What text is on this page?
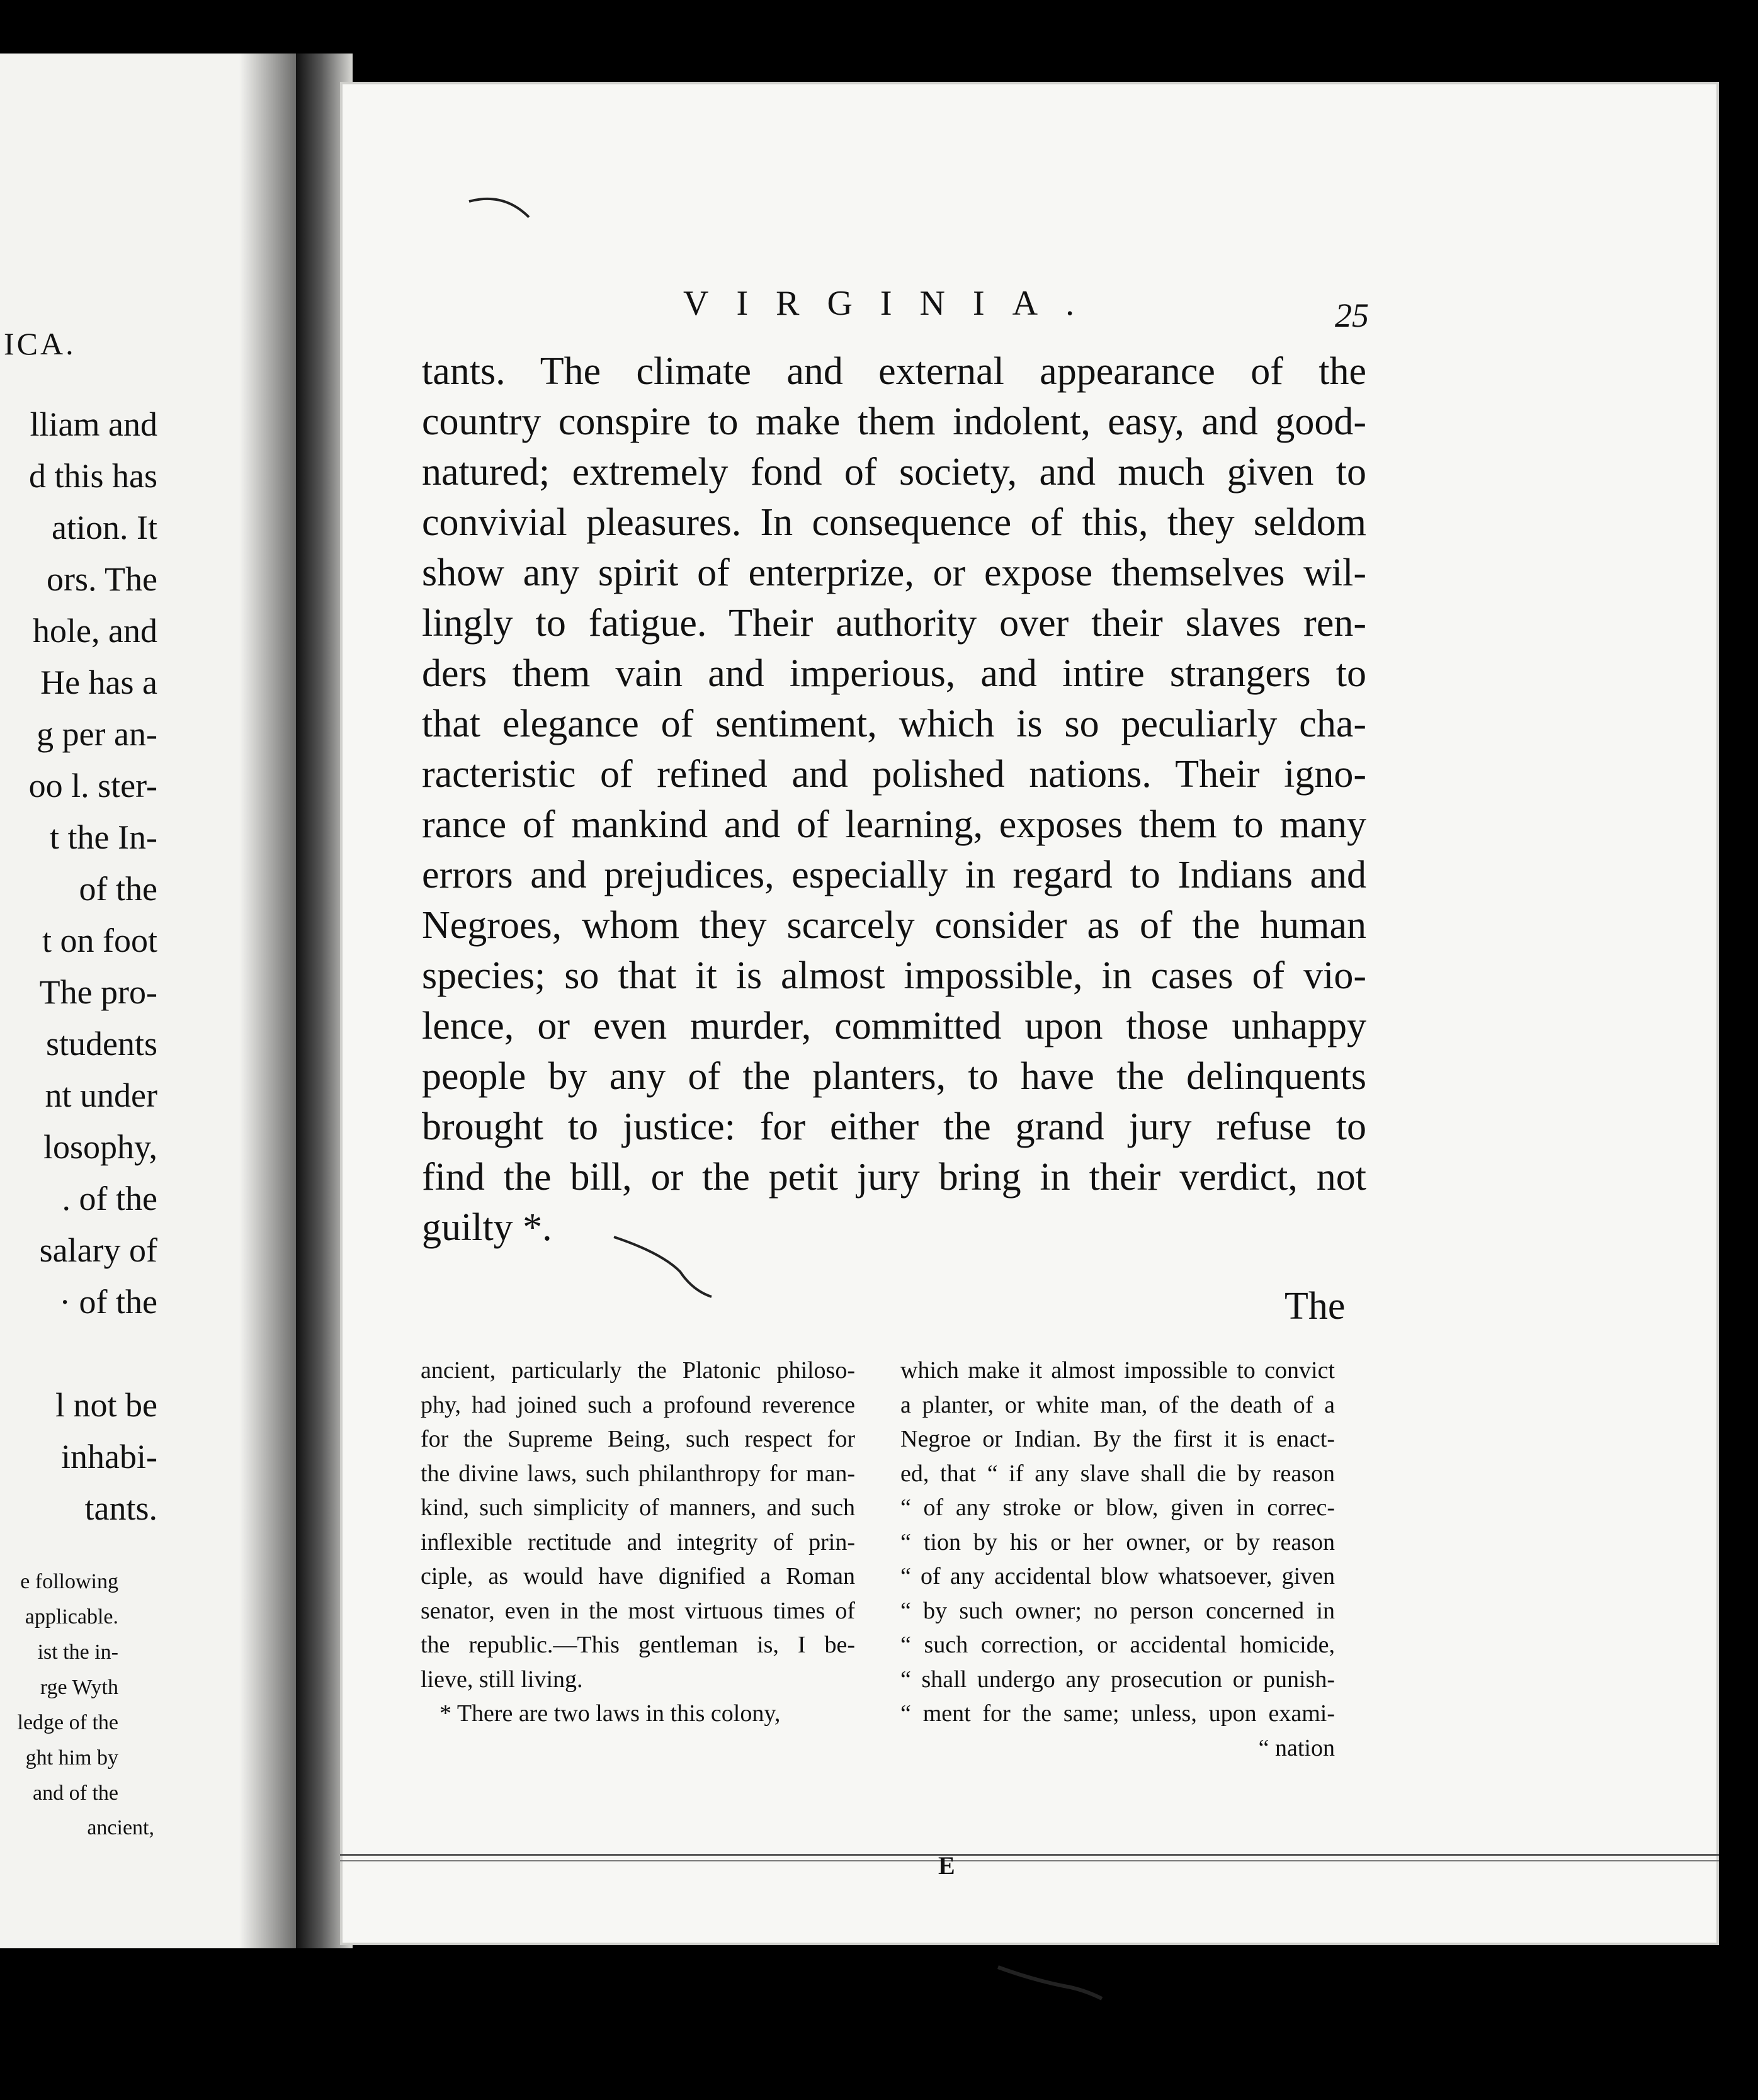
ICA.
lliam and
d this has
ation. It
ors. The
hole, and
He has a
g per an-
oo l. ster-
t the In-
of the
t on foot
The pro-
students
nt under
losophy,
. of the
salary of
· of the

l not be
inhabi-
tants.
e following
applicable.
ist the in-
rge Wyth
ledge of the
ght him by
and of the
ancient,
VIRGINIA.	25
tants. The climate and external appearance of the
country conspire to make them indolent, easy, and good-
natured; extremely fond of society, and much given to
convivial pleasures. In consequence of this, they seldom
show any spirit of enterprize, or expose themselves wil-
lingly to fatigue. Their authority over their slaves ren-
ders them vain and imperious, and intire strangers to
that elegance of sentiment, which is so peculiarly cha-
racteristic of refined and polished nations. Their igno-
rance of mankind and of learning, exposes them to many
errors and prejudices, especially in regard to Indians and
Negroes, whom they scarcely consider as of the human
species; so that it is almost impossible, in cases of vio-
lence, or even murder, committed upon those unhappy
people by any of the planters, to have the delinquents
brought to justice: for either the grand jury refuse to
find the bill, or the petit jury bring in their verdict, not
guilty *.
The
ancient, particularly the Platonic philoso-
phy, had joined such a profound reverence
for the Supreme Being, such respect for
the divine laws, such philanthropy for man-
kind, such simplicity of manners, and such
inflexible rectitude and integrity of prin-
ciple, as would have dignified a Roman
senator, even in the most virtuous times of
the republic.—This gentleman is, I be-
lieve, still living.
* There are two laws in this colony,
which make it almost impossible to convict
a planter, or white man, of the death of a
Negroe or Indian. By the first it is enact-
ed, that “ if any slave shall die by reason
“ of any stroke or blow, given in correc-
“ tion by his or her owner, or by reason
“ of any accidental blow whatsoever, given
“ by such owner; no person concerned in
“ such correction, or accidental homicide,
“ shall undergo any prosecution or punish-
“ ment for the same; unless, upon exami-
“ nation
E
